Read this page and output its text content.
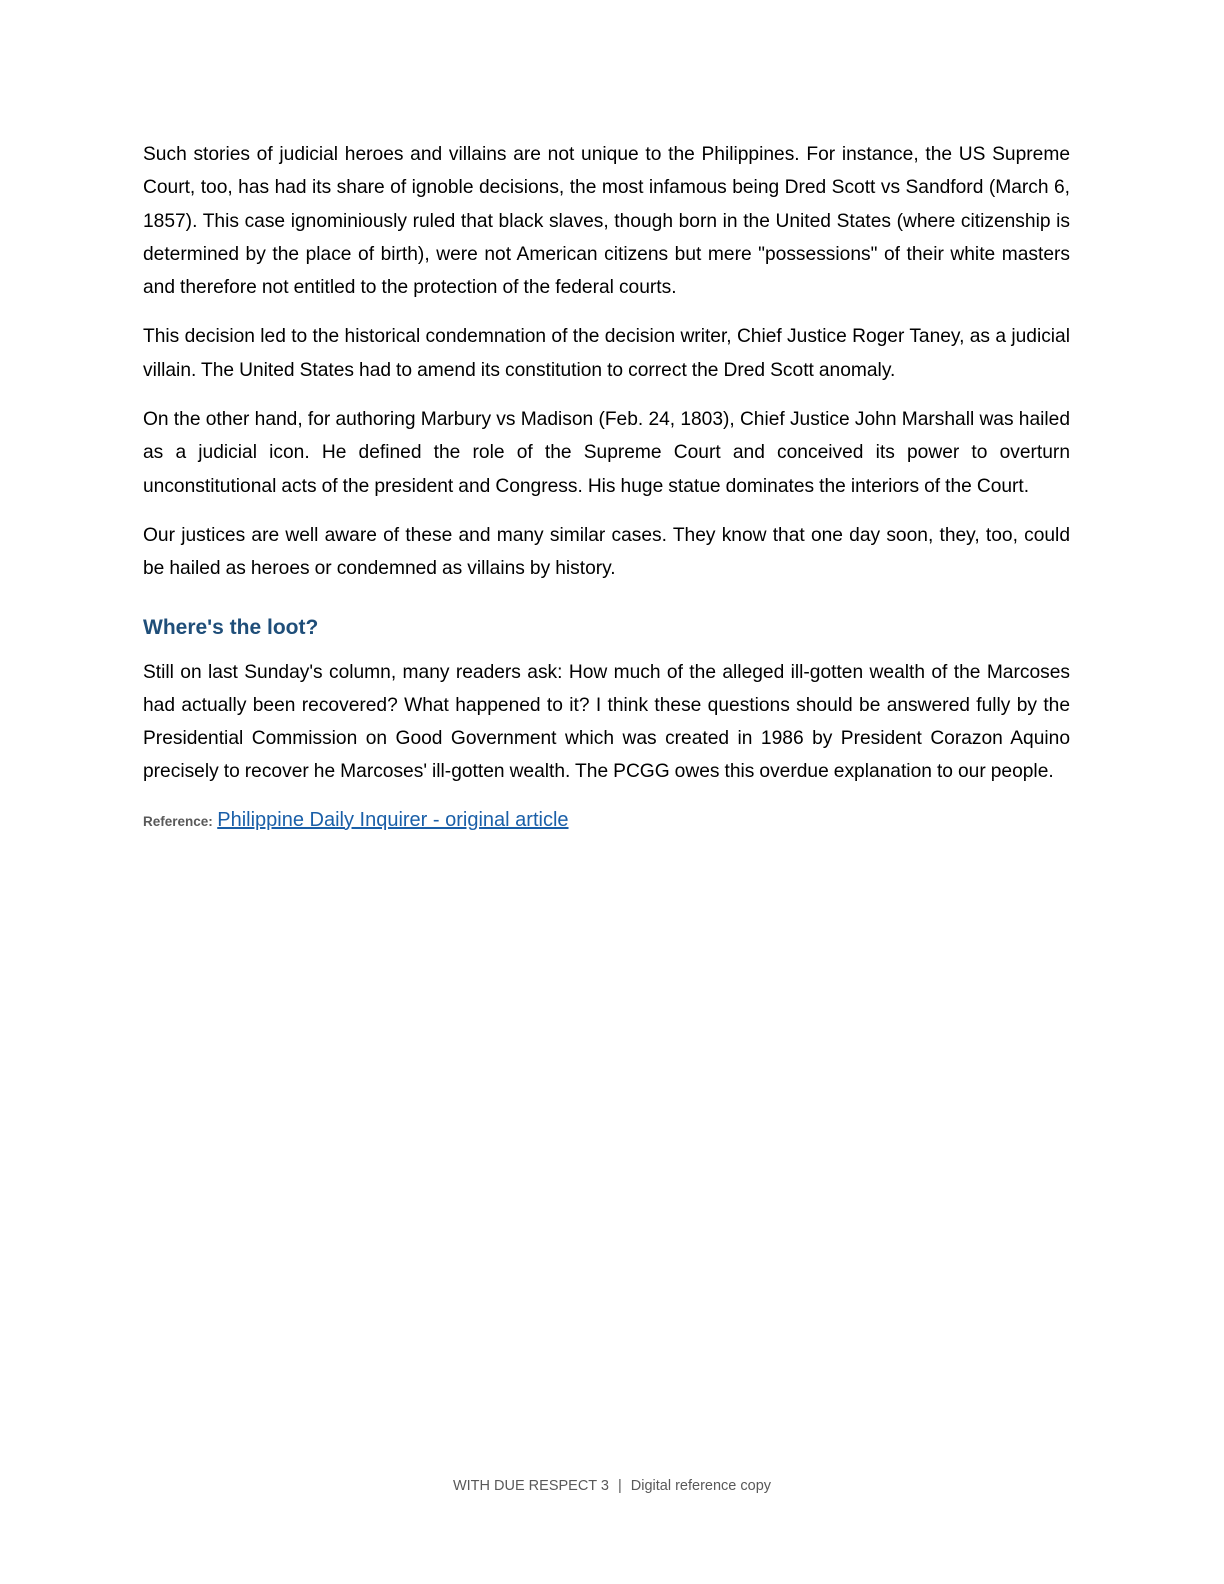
Such stories of judicial heroes and villains are not unique to the Philippines. For instance, the US Supreme Court, too, has had its share of ignoble decisions, the most infamous being Dred Scott vs Sandford (March 6, 1857). This case ignominiously ruled that black slaves, though born in the United States (where citizenship is determined by the place of birth), were not American citizens but mere "possessions" of their white masters and therefore not entitled to the protection of the federal courts.

This decision led to the historical condemnation of the decision writer, Chief Justice Roger Taney, as a judicial villain. The United States had to amend its constitution to correct the Dred Scott anomaly.

On the other hand, for authoring Marbury vs Madison (Feb. 24, 1803), Chief Justice John Marshall was hailed as a judicial icon. He defined the role of the Supreme Court and conceived its power to overturn unconstitutional acts of the president and Congress. His huge statue dominates the interiors of the Court.

Our justices are well aware of these and many similar cases. They know that one day soon, they, too, could be hailed as heroes or condemned as villains by history.

Where's the loot?

Still on last Sunday's column, many readers ask: How much of the alleged ill-gotten wealth of the Marcoses had actually been recovered? What happened to it? I think these questions should be answered fully by the Presidential Commission on Good Government which was created in 1986 by President Corazon Aquino precisely to recover he Marcoses' ill-gotten wealth. The PCGG owes this overdue explanation to our people.

Reference: Philippine Daily Inquirer - original article
WITH DUE RESPECT 3 | Digital reference copy
